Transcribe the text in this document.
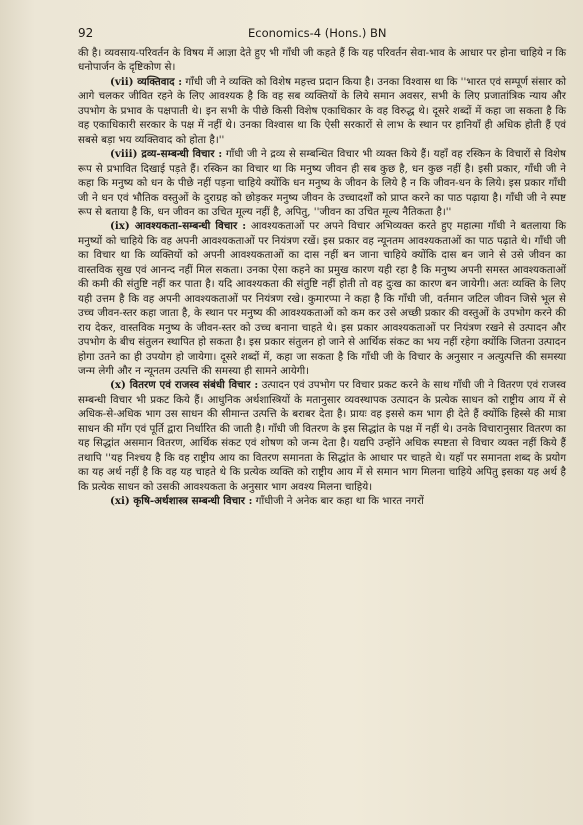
92	Economics-4 (Hons.) BN

की है। व्यवसाय-परिवर्तन के विषय में आज्ञा देते हुए भी गाँधी जी कहते हैं कि यह परिवर्तन सेवा-भाव के आधार पर होना चाहिये न कि धनोपार्जन के दृष्टिकोण से।

(vii) व्यक्तिवाद : गाँधी जी ने व्यक्ति को विशेष महत्त्व प्रदान किया है। उनका विश्वास था कि ''भारत एवं सम्पूर्ण संसार को आगे चलकर जीवित रहने के लिए आवश्यक है कि वह सब व्यक्तियों के लिये समान अवसर, सभी के लिए प्रजातांत्रिक न्याय और उपभोग के प्रभाव के पक्षपाती थे। इन सभी के पीछे किसी विशेष एकाधिकार के वह विरुद्ध थे। दूसरे शब्दों में कहा जा सकता है कि वह एकाधिकारी सरकार के पक्ष में नहीं थे। उनका विश्वास था कि ऐसी सरकारों से लाभ के स्थान पर हानियाँ ही अधिक होती हैं एवं सबसे बड़ा भय व्यक्तिवाद को होता है।''

(viii) द्रव्य-सम्बन्धी विचार : गाँधी जी ने द्रव्य से सम्बन्धित विचार भी व्यक्त किये हैं। यहाँ वह रस्किन के विचारों से विशेष रूप से प्रभावित दिखाई पड़ते हैं। रस्किन का विचार था कि मनुष्य जीवन ही सब कुछ है, धन कुछ नहीं है। इसी प्रकार, गाँधी जी ने कहा कि मनुष्य को धन के पीछे नहीं पड़ना चाहिये क्योंकि धन मनुष्य के जीवन के लिये है न कि जीवन-धन के लिये। इस प्रकार गाँधी जी ने धन एवं भौतिक वस्तुओं के दुराग्रह को छोड़कर मनुष्य जीवन के उच्चादर्शों को प्राप्त करने का पाठ पढ़ाया है। गाँधी जी ने स्पष्ट रूप से बताया है कि, धन जीवन का उचित मूल्य नहीं है, अपितु, ''जीवन का उचित मूल्य नैतिकता है।''

(ix) आवश्यकता-सम्बन्धी विचार : आवश्यकताओं पर अपने विचार अभिव्यक्त करते हुए महात्मा गाँधी ने बतलाया कि मनुष्यों को चाहिये कि वह अपनी आवश्यकताओं पर नियंत्रण रखें। इस प्रकार वह न्यूनतम आवश्यकताओं का पाठ पढ़ाते थे। गाँधी जी का विचार था कि व्यक्तियों को अपनी आवश्यकताओं का दास नहीं बन जाना चाहिये क्योंकि दास बन जाने से उसे जीवन का वास्तविक सुख एवं आनन्द नहीं मिल सकता। उनका ऐसा कहने का प्रमुख कारण यही रहा है कि मनुष्य अपनी समस्त आवश्यकताओं की कमी की संतुष्टि नहीं कर पाता है। यदि आवश्यकता की संतुष्टि नहीं होती तो वह दुःख का कारण बन जायेगी। अतः व्यक्ति के लिए यही उत्तम है कि वह अपनी आवश्यकताओं पर नियंत्रण रखे। कुमारप्पा ने कहा है कि गाँधी जी, वर्तमान जटिल जीवन जिसे भूल से उच्च जीवन-स्तर कहा जाता है, के स्थान पर मनुष्य की आवश्यकताओं को कम कर उसे अच्छी प्रकार की वस्तुओं के उपभोग करने की राय देकर, वास्तविक मनुष्य के जीवन-स्तर को उच्च बनाना चाहते थे। इस प्रकार आवश्यकताओं पर नियंत्रण रखने से उत्पादन और उपभोग के बीच संतुलन स्थापित हो सकता है। इस प्रकार संतुलन हो जाने से आर्थिक संकट का भय नहीं रहेगा क्योंकि जितना उत्पादन होगा उतने का ही उपयोग हो जायेगा। दूसरे शब्दों में, कहा जा सकता है कि गाँधी जी के विचार के अनुसार न अत्युत्पत्ति की समस्या जन्म लेगी और न न्यूनतम उत्पत्ति की समस्या ही सामने आयेगी।

(x) वितरण एवं राजस्व संबंधी विचार : उत्पादन एवं उपभोग पर विचार प्रकट करने के साथ गाँधी जी ने वितरण एवं राजस्व सम्बन्धी विचार भी प्रकट किये हैं। आधुनिक अर्थशास्त्रियों के मतानुसार व्यवस्थापक उत्पादन के प्रत्येक साधन को राष्ट्रीय आय में से अधिक-से-अधिक भाग उस साधन की सीमान्त उत्पत्ति के बराबर देता है। प्रायः वह इससे कम भाग ही देते हैं क्योंकि हिस्से की मात्रा साधन की माँग एवं पूर्ति द्वारा निर्धारित की जाती है। गाँधी जी वितरण के इस सिद्धांत के पक्ष में नहीं थे। उनके विचारानुसार वितरण का यह सिद्धांत असमान वितरण, आर्थिक संकट एवं शोषण को जन्म देता है। यद्यपि उन्होंने अधिक स्पष्टता से विचार व्यक्त नहीं किये हैं तथापि ''यह निश्चय है कि वह राष्ट्रीय आय का वितरण समानता के सिद्धांत के आधार पर चाहते थे। यहाँ पर समानता शब्द के प्रयोग का यह अर्थ नहीं है कि वह यह चाहते थे कि प्रत्येक व्यक्ति को राष्ट्रीय आय में से समान भाग मिलना चाहिये अपितु इसका यह अर्थ है कि प्रत्येक साधन को उसकी आवश्यकता के अनुसार भाग अवश्य मिलना चाहिये।

(xi) कृषि-अर्थशास्त्र सम्बन्धी विचार : गाँधीजी ने अनेक बार कहा था कि भारत नगरों
